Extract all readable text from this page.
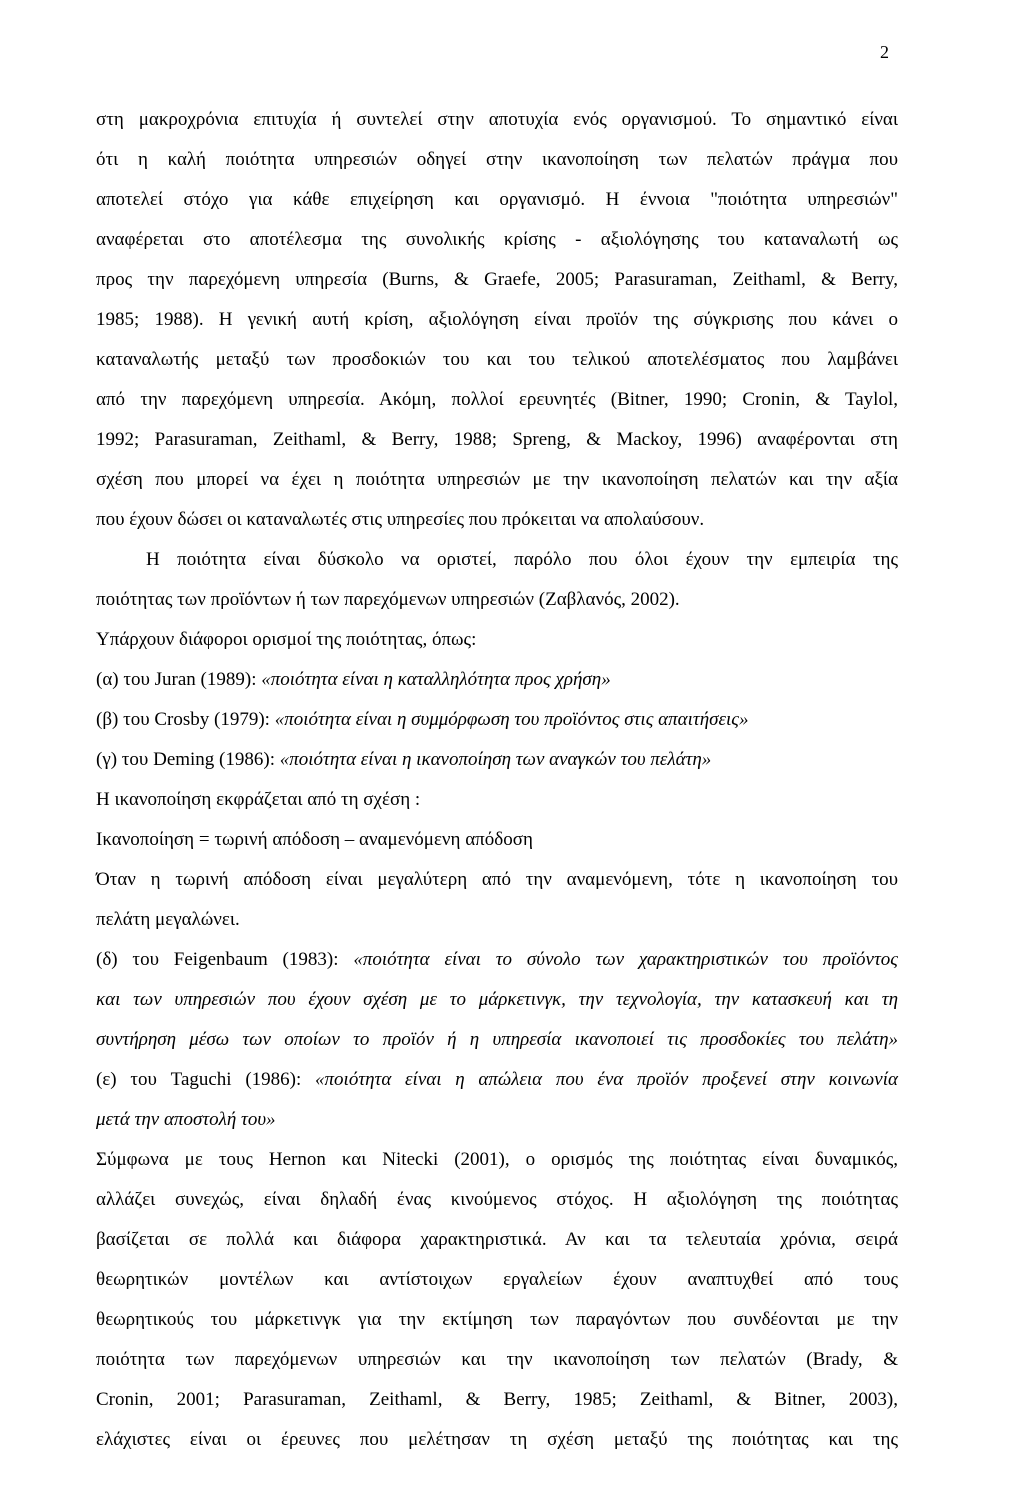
2
στη μακροχρόνια επιτυχία ή συντελεί στην αποτυχία ενός οργανισμού. Το σημαντικό είναι
ότι η καλή ποιότητα υπηρεσιών οδηγεί στην ικανοποίηση των πελατών πράγμα που
αποτελεί στόχο για κάθε επιχείρηση και οργανισμό. Η έννοια "ποιότητα υπηρεσιών"
αναφέρεται στο αποτέλεσμα της συνολικής κρίσης - αξιολόγησης του καταναλωτή ως
προς την παρεχόμενη υπηρεσία (Burns, & Graefe, 2005; Parasuraman, Zeithaml, & Berry,
1985; 1988). Η γενική αυτή κρίση, αξιολόγηση είναι προϊόν της σύγκρισης που κάνει ο
καταναλωτής μεταξύ των προσδοκιών του και του τελικού αποτελέσματος που λαμβάνει
από την παρεχόμενη υπηρεσία. Ακόμη, πολλοί ερευνητές (Bitner, 1990; Cronin, & Taylol,
1992; Parasuraman, Zeithaml, & Berry, 1988; Spreng, & Mackoy, 1996) αναφέρονται στη
σχέση που μπορεί να έχει η ποιότητα υπηρεσιών με την ικανοποίηση πελατών και την αξία
που έχουν δώσει οι καταναλωτές στις υπηρεσίες που πρόκειται να απολαύσουν.
Η ποιότητα είναι δύσκολο να οριστεί, παρόλο που όλοι έχουν την εμπειρία της
ποιότητας των προϊόντων ή των παρεχόμενων υπηρεσιών (Ζαβλανός, 2002).
Υπάρχουν διάφοροι ορισμοί της ποιότητας, όπως:
(α) του Juran (1989): «ποιότητα είναι η καταλληλότητα προς χρήση»
(β) του Crosby (1979): «ποιότητα είναι η συμμόρφωση του προϊόντος στις απαιτήσεις»
(γ) του Deming (1986): «ποιότητα είναι η ικανοποίηση των αναγκών του πελάτη»
Η ικανοποίηση εκφράζεται από τη σχέση :
Ικανοποίηση = τωρινή απόδοση – αναμενόμενη απόδοση
Όταν η τωρινή απόδοση είναι μεγαλύτερη από την αναμενόμενη, τότε η ικανοποίηση του
πελάτη μεγαλώνει.
(δ) του Feigenbaum (1983): «ποιότητα είναι το σύνολο των χαρακτηριστικών του προϊόντος
και των υπηρεσιών που έχουν σχέση με το μάρκετινγκ, την τεχνολογία, την κατασκευή και τη
συντήρηση μέσω των οποίων το προϊόν ή η υπηρεσία ικανοποιεί τις προσδοκίες του πελάτη»
(ε) του Taguchi (1986): «ποιότητα είναι η απώλεια που ένα προϊόν προξενεί στην κοινωνία
μετά την αποστολή του»
Σύμφωνα με τους Hernon και Nitecki (2001), ο ορισμός της ποιότητας είναι δυναμικός,
αλλάζει συνεχώς, είναι δηλαδή ένας κινούμενος στόχος. Η αξιολόγηση της ποιότητας
βασίζεται σε πολλά και διάφορα χαρακτηριστικά. Αν και τα τελευταία χρόνια, σειρά
θεωρητικών μοντέλων και αντίστοιχων εργαλείων έχουν αναπτυχθεί από τους
θεωρητικούς του μάρκετινγκ για την εκτίμηση των παραγόντων που συνδέονται με την
ποιότητα των παρεχόμενων υπηρεσιών και την ικανοποίηση των πελατών (Brady, &
Cronin, 2001; Parasuraman, Zeithaml, & Berry, 1985; Zeithaml, & Bitner, 2003),
ελάχιστες είναι οι έρευνες που μελέτησαν τη σχέση μεταξύ της ποιότητας και της
